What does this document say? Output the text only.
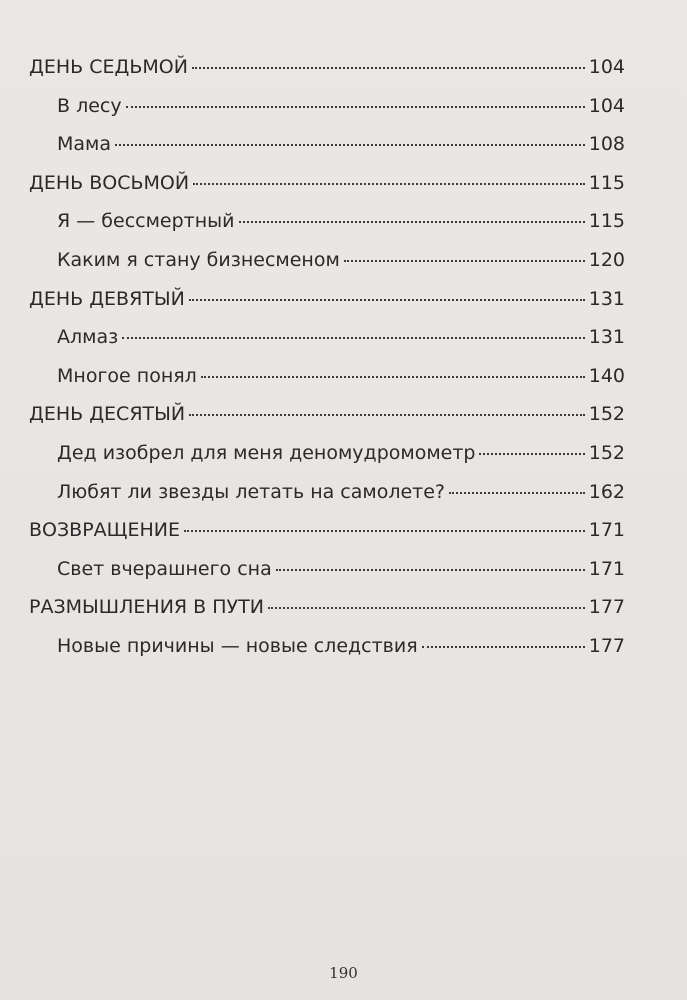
ДЕНЬ СЕДЬМОЙ	104
В лесу	104
Мама	108
ДЕНЬ ВОСЬМОЙ	115
Я — бессмертный	115
Каким я стану бизнесменом	120
ДЕНЬ ДЕВЯТЫЙ	131
Алмаз	131
Многое понял	140
ДЕНЬ ДЕСЯТЫЙ	152
Дед изобрел для меня деномудромометр	152
Любят ли звезды летать на самолете?	162
ВОЗВРАЩЕНИЕ	171
Свет вчерашнего сна	171
РАЗМЫШЛЕНИЯ В ПУТИ	177
Новые причины — новые следствия	177
190
